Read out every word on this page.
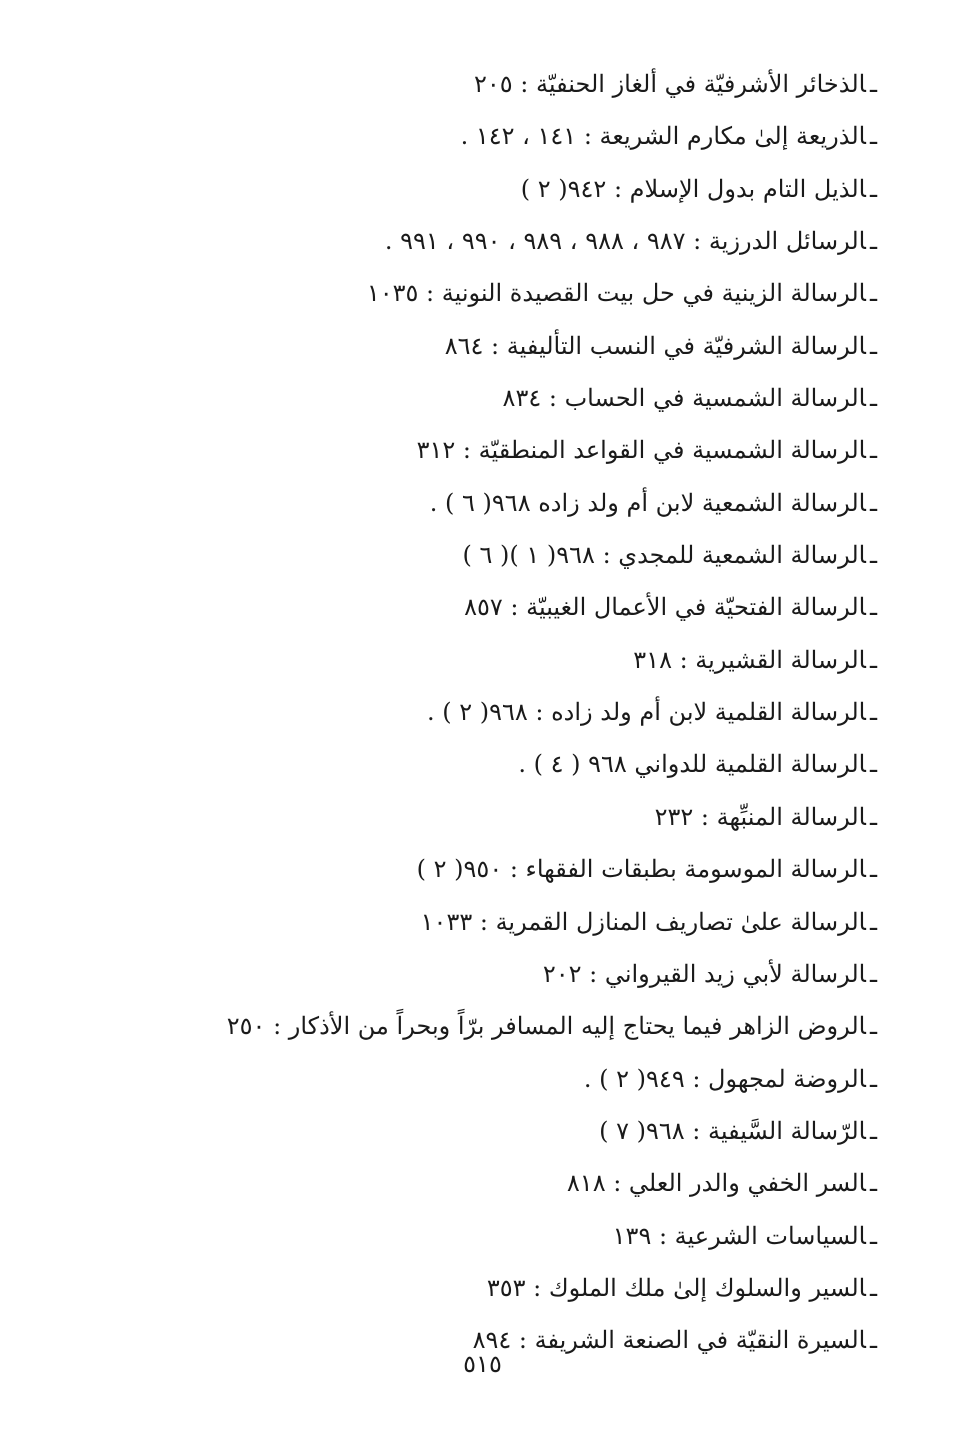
ـالذخائر الأشرفيّة في ألغاز الحنفيّة : ٢٠٥
ـالذريعة إلىٰ مكارم الشريعة : ١٤١ ، ١٤٢ .
ـالذيل التام بدول الإسلام : ٩٤٢( ٢ )
ـالرسائل الدرزية : ٩٨٧ ، ٩٨٨ ، ٩٨٩ ، ٩٩٠ ، ٩٩١ .
ـالرسالة الزينية في حل بيت القصيدة النونية : ١٠٣٥
ـالرسالة الشرفيّة في النسب التأليفية : ٨٦٤
ـالرسالة الشمسية في الحساب : ٨٣٤
ـالرسالة الشمسية في القواعد المنطقيّة : ٣١٢
ـالرسالة الشمعية لابن أم ولد زاده ٩٦٨( ٦ ) .
ـالرسالة الشمعية للمجدي : ٩٦٨( ١ )( ٦ )
ـالرسالة الفتحيّة في الأعمال الغيبيّة : ٨٥٧
ـالرسالة القشيرية : ٣١٨
ـالرسالة القلمية لابن أم ولد زاده : ٩٦٨( ٢ ) .
ـالرسالة القلمية للدواني ٩٦٨ ( ٤ ) .
ـالرسالة المنبِّهة : ٢٣٢
ـالرسالة الموسومة بطبقات الفقهاء : ٩٥٠( ٢ )
ـالرسالة علىٰ تصاريف المنازل القمرية : ١٠٣٣
ـالرسالة لأبي زيد القيرواني : ٢٠٢
ـالروض الزاهر فيما يحتاج إليه المسافر برّاً وبحراً من الأذكار : ٢٥٠
ـالروضة لمجهول : ٩٤٩( ٢ ) .
ـالرّسالة السَّيفية : ٩٦٨( ٧ )
ـالسر الخفي والدر العلي : ٨١٨
ـالسياسات الشرعية : ١٣٩
ـالسير والسلوك إلىٰ ملك الملوك : ٣٥٣
ـالسيرة النقيّة في الصنعة الشريفة : ٨٩٤
٥١٥
